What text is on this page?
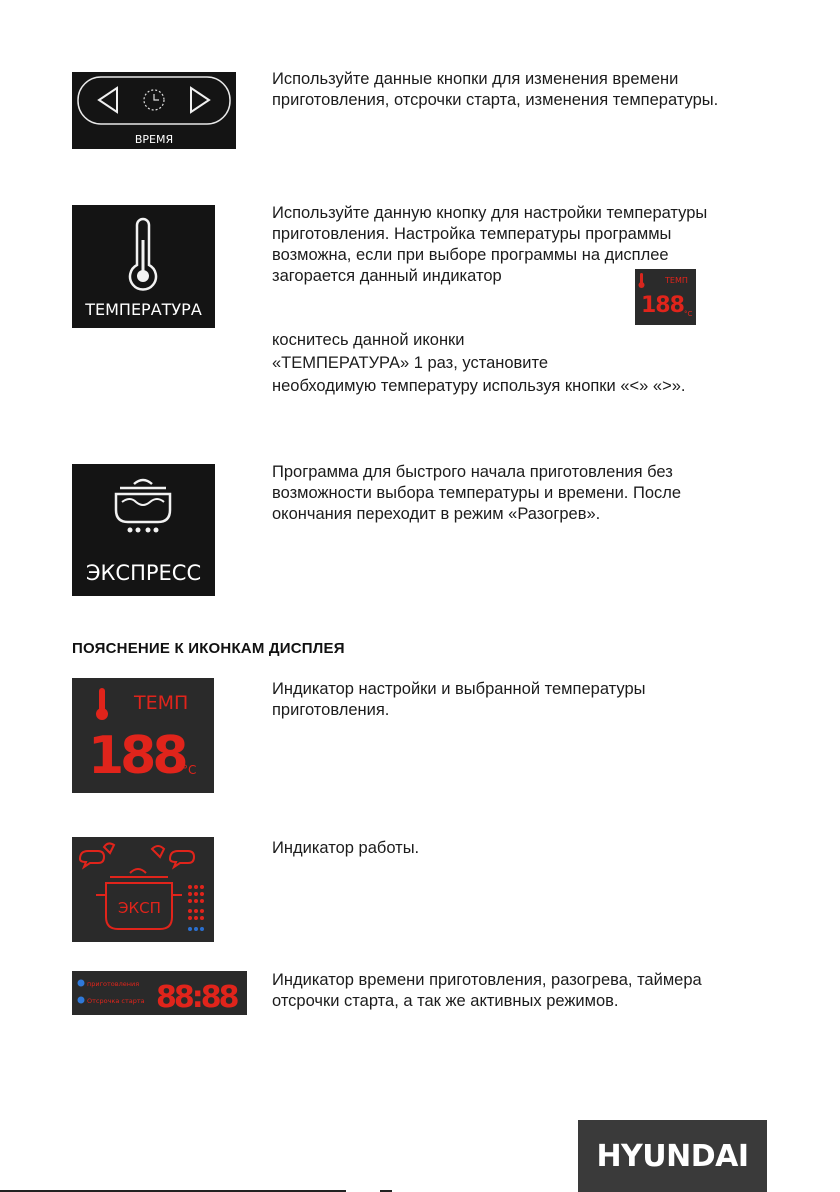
ВРЕМЯ
Используйте данные кнопки для изменения времени приготовления, отсрочки старта, изменения температуры.
ТЕМПЕРАТУРА
Используйте данную кнопку для настройки температуры приготовления. Настройка температуры программы возможна, если при выборе программы на дисплее загорается данный индикатор	ТЕМП
188 °C
коснитесь данной иконки
«ТЕМПЕРАТУРА» 1 раз, установите
необходимую температуру используя кнопки «<» «>».
ЭКСПРЕСС
Программа для быстрого начала приготовления без возможности выбора температуры и времени. После окончания переходит в режим «Разогрев».
ПОЯСНЕНИЕ К ИКОНКАМ ДИСПЛЕЯ
ТЕМП
188
°C
Индикатор настройки и выбранной температуры приготовления.
ЭКСП
Индикатор работы.
приготовления
Отсрочка старта 88:88 Индикатор времени приготовления, разогрева, таймера отсрочки старта, а так же активных режимов.
HYUNDAI
